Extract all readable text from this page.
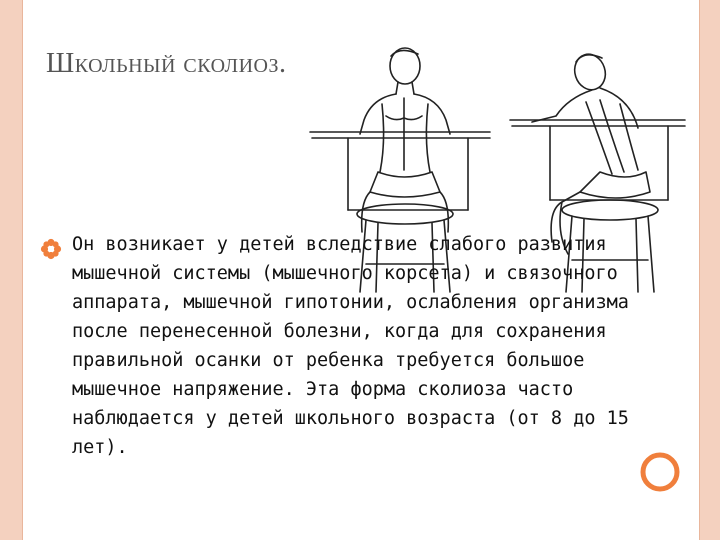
Школьный сколиоз.

Он возникает у детей вследствие слабого развития мышечной системы (мышечного корсета) и связочного аппарата, мышечной гипотонии, ослабления организма после перенесенной болезни, когда для сохранения правильной осанки от ребенка требуется большое мышечное напряжение. Эта форма сколиоза часто наблюдается у детей школьного возраста (от 8 до 15 лет).
